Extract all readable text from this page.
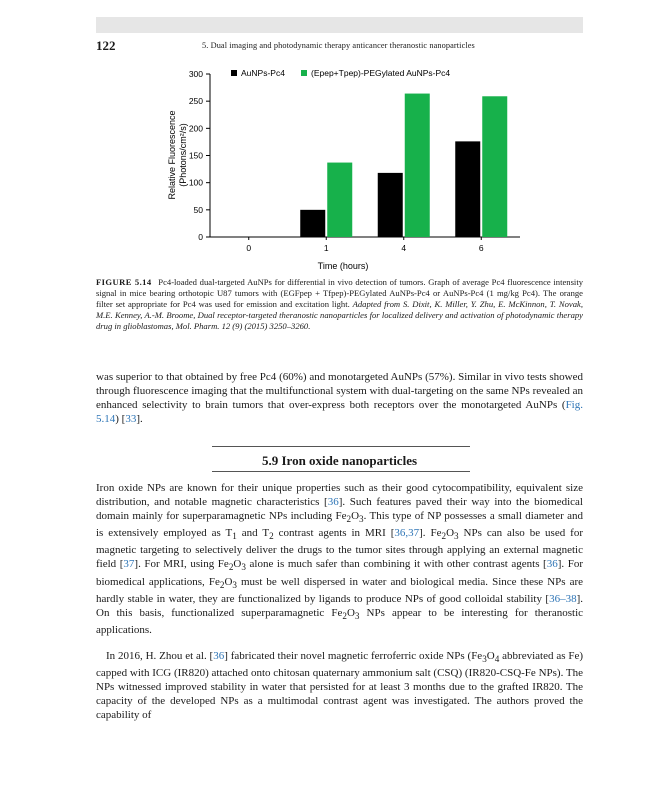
122	5. Dual imaging and photodynamic therapy anticancer theranostic nanoparticles
0
50
100
150
200
250
300
0	1	4	6
Time (hours)
Relative Fluorescence (Photons/cm²/s)
AuNPs-Pc4	(Epep+Tpep)-PEGylated AuNPs-Pc4
FIGURE 5.14 Pc4-loaded dual-targeted AuNPs for differential in vivo detection of tumors. Graph of average Pc4 fluorescence intensity signal in mice bearing orthotopic U87 tumors with (EGFpep + Tfpep)-PEGylated AuNPs-Pc4 or AuNPs-Pc4 (1 mg/kg Pc4). The orange filter set appropriate for Pc4 was used for emission and excitation light. Adapted from S. Dixit, K. Miller, Y. Zhu, E. McKinnon, T. Novak, M.E. Kenney, A.-M. Broome, Dual receptor-targeted theranostic nanoparticles for localized delivery and activation of photodynamic therapy drug in glioblastomas, Mol. Pharm. 12 (9) (2015) 3250–3260.

was superior to that obtained by free Pc4 (60%) and monotargeted AuNPs (57%). Similar in vivo tests showed through fluorescence imaging that the multifunctional system with dual-targeting on the same NPs revealed an enhanced selectivity to brain tumors that over-express both receptors over the monotargeted AuNPs (Fig. 5.14) [33].

5.9 Iron oxide nanoparticles

Iron oxide NPs are known for their unique properties such as their good cytocompatibility, equivalent size distribution, and notable magnetic characteristics [36]. Such features paved their way into the biomedical domain mainly for superparamagnetic NPs including $Fe_2O_3$. This type of NP possesses a small diameter and is extensively employed as $T_1$ and $T_2$ contrast agents in MRI [36,37]. $Fe_2O_3$ NPs can also be used for magnetic targeting to selectively deliver the drugs to the tumor sites through applying an external magnetic field [37]. For MRI, using $Fe_2O_3$ alone is much safer than combining it with other contrast agents [36]. For biomedical applications, $Fe_2O_3$ must be well dispersed in water and biological media. Since these NPs are hardly stable in water, they are functionalized by ligands to produce NPs of good colloidal stability [36–38]. On this basis, functionalized superparamagnetic $Fe_2O_3$ NPs appear to be interesting for theranostic applications.

In 2016, H. Zhou et al. [36] fabricated their novel magnetic ferroferric oxide NPs ($Fe_3O_4$ abbreviated as Fe) capped with ICG (IR820) attached onto chitosan quaternary ammonium salt (CSQ) (IR820-CSQ-Fe NPs). The NPs witnessed improved stability in water that persisted for at least 3 months due to the grafted IR820. The capacity of the developed NPs as a multimodal contrast agent was investigated. The authors proved the capability of
